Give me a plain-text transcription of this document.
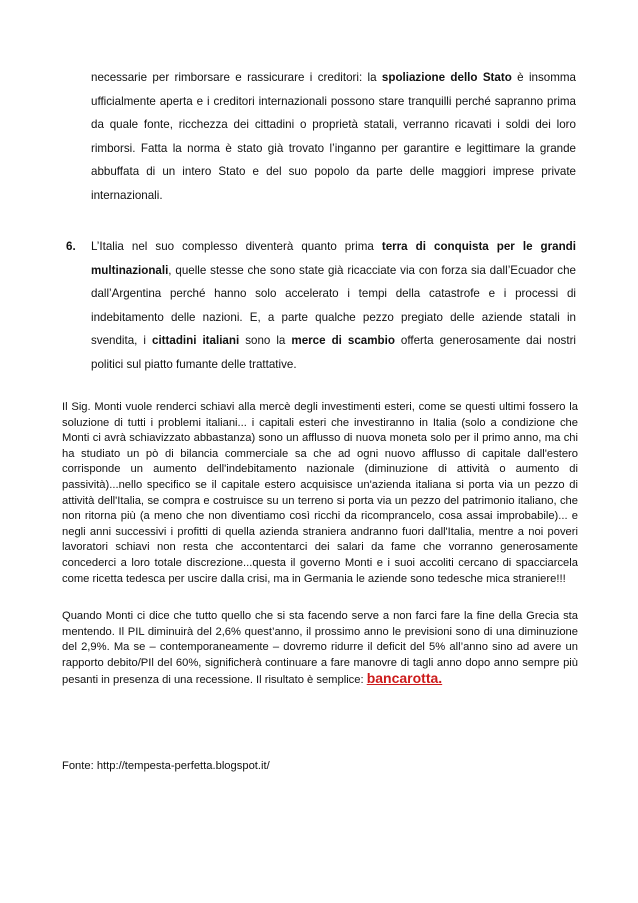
necessarie per rimborsare e rassicurare i creditori: la spoliazione dello Stato è insomma ufficialmente aperta e i creditori internazionali possono stare tranquilli perché sapranno prima da quale fonte, ricchezza dei cittadini o proprietà statali, verranno ricavati i soldi dei loro rimborsi. Fatta la norma è stato già trovato l’inganno per garantire e legittimare la grande abbuffata di un intero Stato e del suo popolo da parte delle maggiori imprese private internazionali.

6. L’Italia nel suo complesso diventerà quanto prima terra di conquista per le grandi multinazionali, quelle stesse che sono state già ricacciate via con forza sia dall’Ecuador che dall’Argentina perché hanno solo accelerato i tempi della catastrofe e i processi di indebitamento delle nazioni. E, a parte qualche pezzo pregiato delle aziende statali in svendita, i cittadini italiani sono la merce di scambio offerta generosamente dai nostri politici sul piatto fumante delle trattative.

Il Sig. Monti vuole renderci schiavi alla mercè degli investimenti esteri, come se questi ultimi fossero la soluzione di tutti i problemi italiani... i capitali esteri che investiranno in Italia (solo a condizione che Monti ci avrà schiavizzato abbastanza) sono un afflusso di nuova moneta solo per il primo anno, ma chi ha studiato un pò di bilancia commerciale sa che ad ogni nuovo afflusso di capitale dall'estero corrisponde un aumento dell'indebitamento nazionale (diminuzione di attività o aumento di passività)...nello specifico se il capitale estero acquisisce un'azienda italiana si porta via un pezzo di attività dell'Italia, se compra e costruisce su un terreno si porta via un pezzo del patrimonio italiano, che non ritorna più (a meno che non diventiamo così ricchi da ricomprancelo, cosa assai improbabile)... e negli anni successivi i profitti di quella azienda straniera andranno fuori dall'Italia, mentre a noi poveri lavoratori schiavi non resta che accontentarci dei salari da fame che vorranno generosamente concederci a loro totale discrezione...questa il governo Monti e i suoi accoliti cercano di spacciarcela come ricetta tedesca per uscire dalla crisi, ma in Germania le aziende sono tedesche mica straniere!!!

Quando Monti ci dice che tutto quello che si sta facendo serve a non farci fare la fine della Grecia sta mentendo. Il PIL diminuirà del 2,6% quest’anno, il prossimo anno le previsioni sono di una diminuzione del 2,9%. Ma se – contemporaneamente – dovremo ridurre il deficit del 5% all’anno sino ad avere un rapporto debito/PIl del 60%, significherà continuare a fare manovre di tagli anno dopo anno sempre più pesanti in presenza di una recessione. Il risultato è semplice: bancarotta.

Fonte: http://tempesta-perfetta.blogspot.it/
